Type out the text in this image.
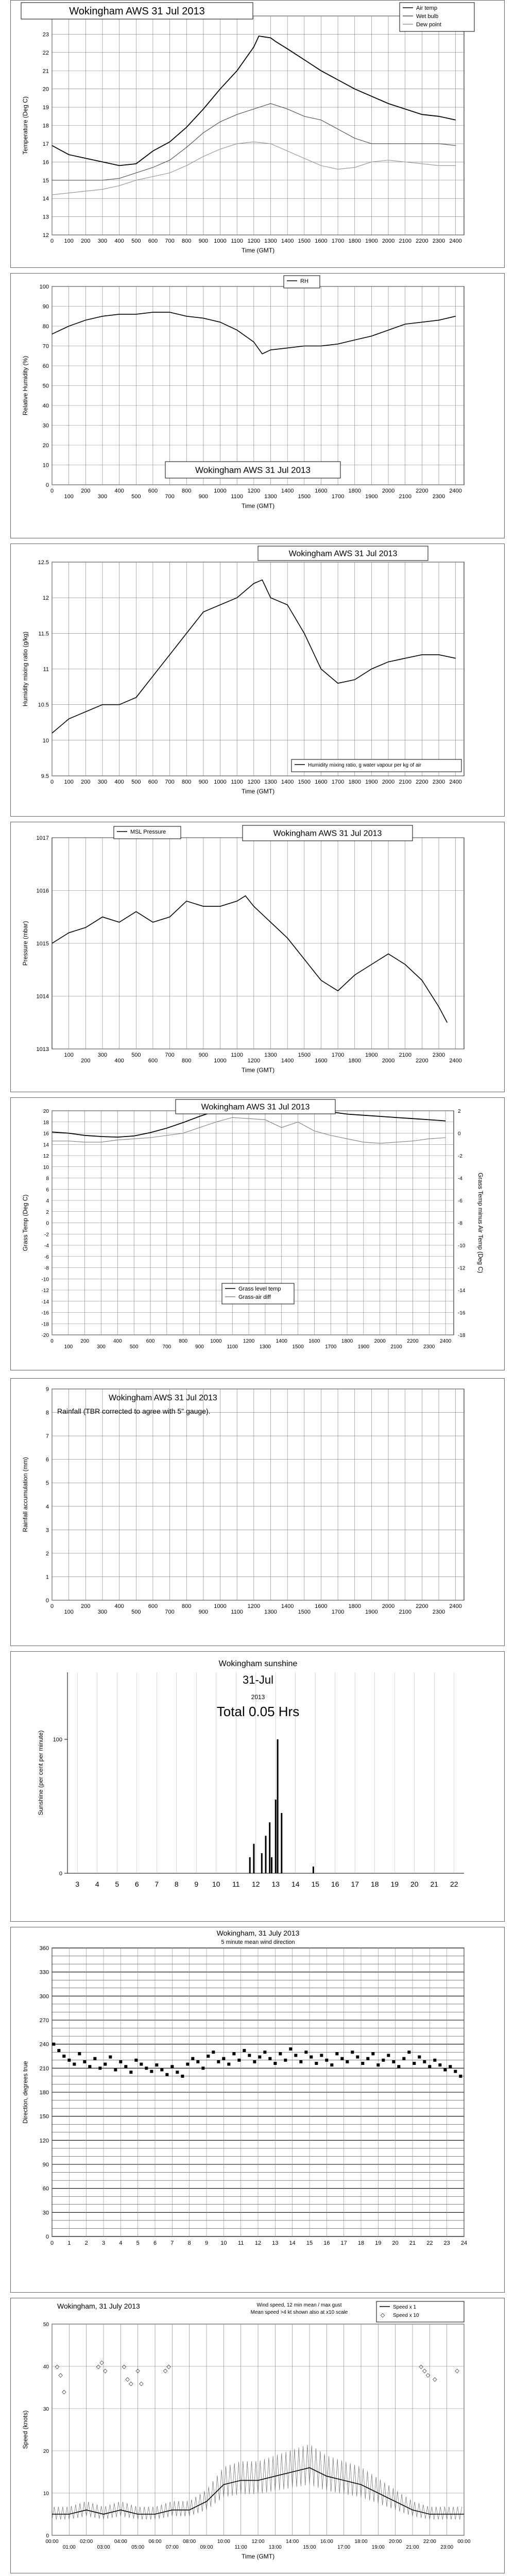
12
13
14
15
16
17
18
19
20
21
22
23
0 100 200 300 400 500 600 700 800 900 1000 1100 1200 1300 1400 1500 1600 1700 1800 1900 2000 2100 2200 2300 2400
Temperature (Deg C)
Time (GMT)
Wokingham AWS 31 Jul 2013	Air temp
Wet bulb
Dew point
0
10
20
30
40
50
60
70
80
90
100
0
100
200
300
400
500
600
700
800
900
1000
1100
1200
1300
1400
1500
1600
1700
1800
1900
2000
2100
2200
2300
2400
Relative Humidity (%)
Time (GMT)
RH
Wokingham AWS 31 Jul 2013
9.5
10
10.5
11
11.5
12
12.5
0 100 200 300 400 500 600 700 800 900 1000 1100 1200 1300 1400 1500 1600 1700 1800 1900 2000 2100 2200 2300 2400
Humidity mixing ratio (g/kg)
Time (GMT)
Wokingham AWS 31 Jul 2013
Humidity mixing ratio, g water vapour per kg of air
1013
1014
1015
1016
1017
100
200
300
400
500
600
700
800
900
1000
1100
1200
1300
1400
1500
1600
1700
1800
1900
2000
2100
2200
2300
2400
Pressure (mbar)
Time (GMT)
MSL Pressure	Wokingham AWS 31 Jul 2013
-20
-18
-16
-14
-12
-10
-8
-6
-4
-2
0
2
4
6
8
10
12
14
16
18
20
0
100
200
300
400
500
600
700
800
900
1000
1100
1200
1300
1400
1500
1600
1700
1800
1900
2000
2100
2200
2300
2400
-18
-16
-14
-12
-10
-8
-6
-4
-2
0
2
Grass Temp (Deg C)	Grass Temp minus Air Temp (Deg C)
Wokingham AWS 31 Jul 2013
Grass level temp
Grass-air diff
0
1
2
3
4
5
6
7
8
9
0
100
200
300
400
500
600
700
800
900
1000
1100
1200
1300
1400
1500
1600
1700
1800
1900
2000
2100
2200
2300
2400
Rainfall accumulation (mm)
Wokingham AWS 31 Jul 2013
Rainfall (TBR corrected to agree with 5" gauge).
3 4 5 6 7 8 9 10 11 12 13 14 15 16 17 18 19 20 21 22
0
100
Sunshine (per cent per minute)
Wokingham sunshine
31-Jul
2013
Total 0.05 Hrs
0 1 2 3 4 5 6 7 8 9 10 11 12 13 14 15 16 17 18 19 20 21 22 23 24
0
30
60
90
120
150
180
210
240
270
300
330
360
Direction, degrees true
Wokingham, 31 July 2013
5 minute mean wind direction
0
10
20
30
40
50
00:00
01:00
02:00
03:00
04:00
05:00
06:00
07:00
08:00
09:00
10:00
11:00
12:00
13:00
14:00
15:00
16:00
17:00
18:00
19:00
20:00
21:00
22:00
23:00
00:00
Speed (knots)
Time (GMT)
◇
◇
◇
◇
◇
◇
◇
◇
◇
◇
◇
◇
◇	◇
◇
◇
◇
◇
Wokingham, 31 July 2013	Wind speed, 12 min mean / max gust
Mean speed >4 kt shown also at x10 scale
Speed x 1
◇ Speed x 10
